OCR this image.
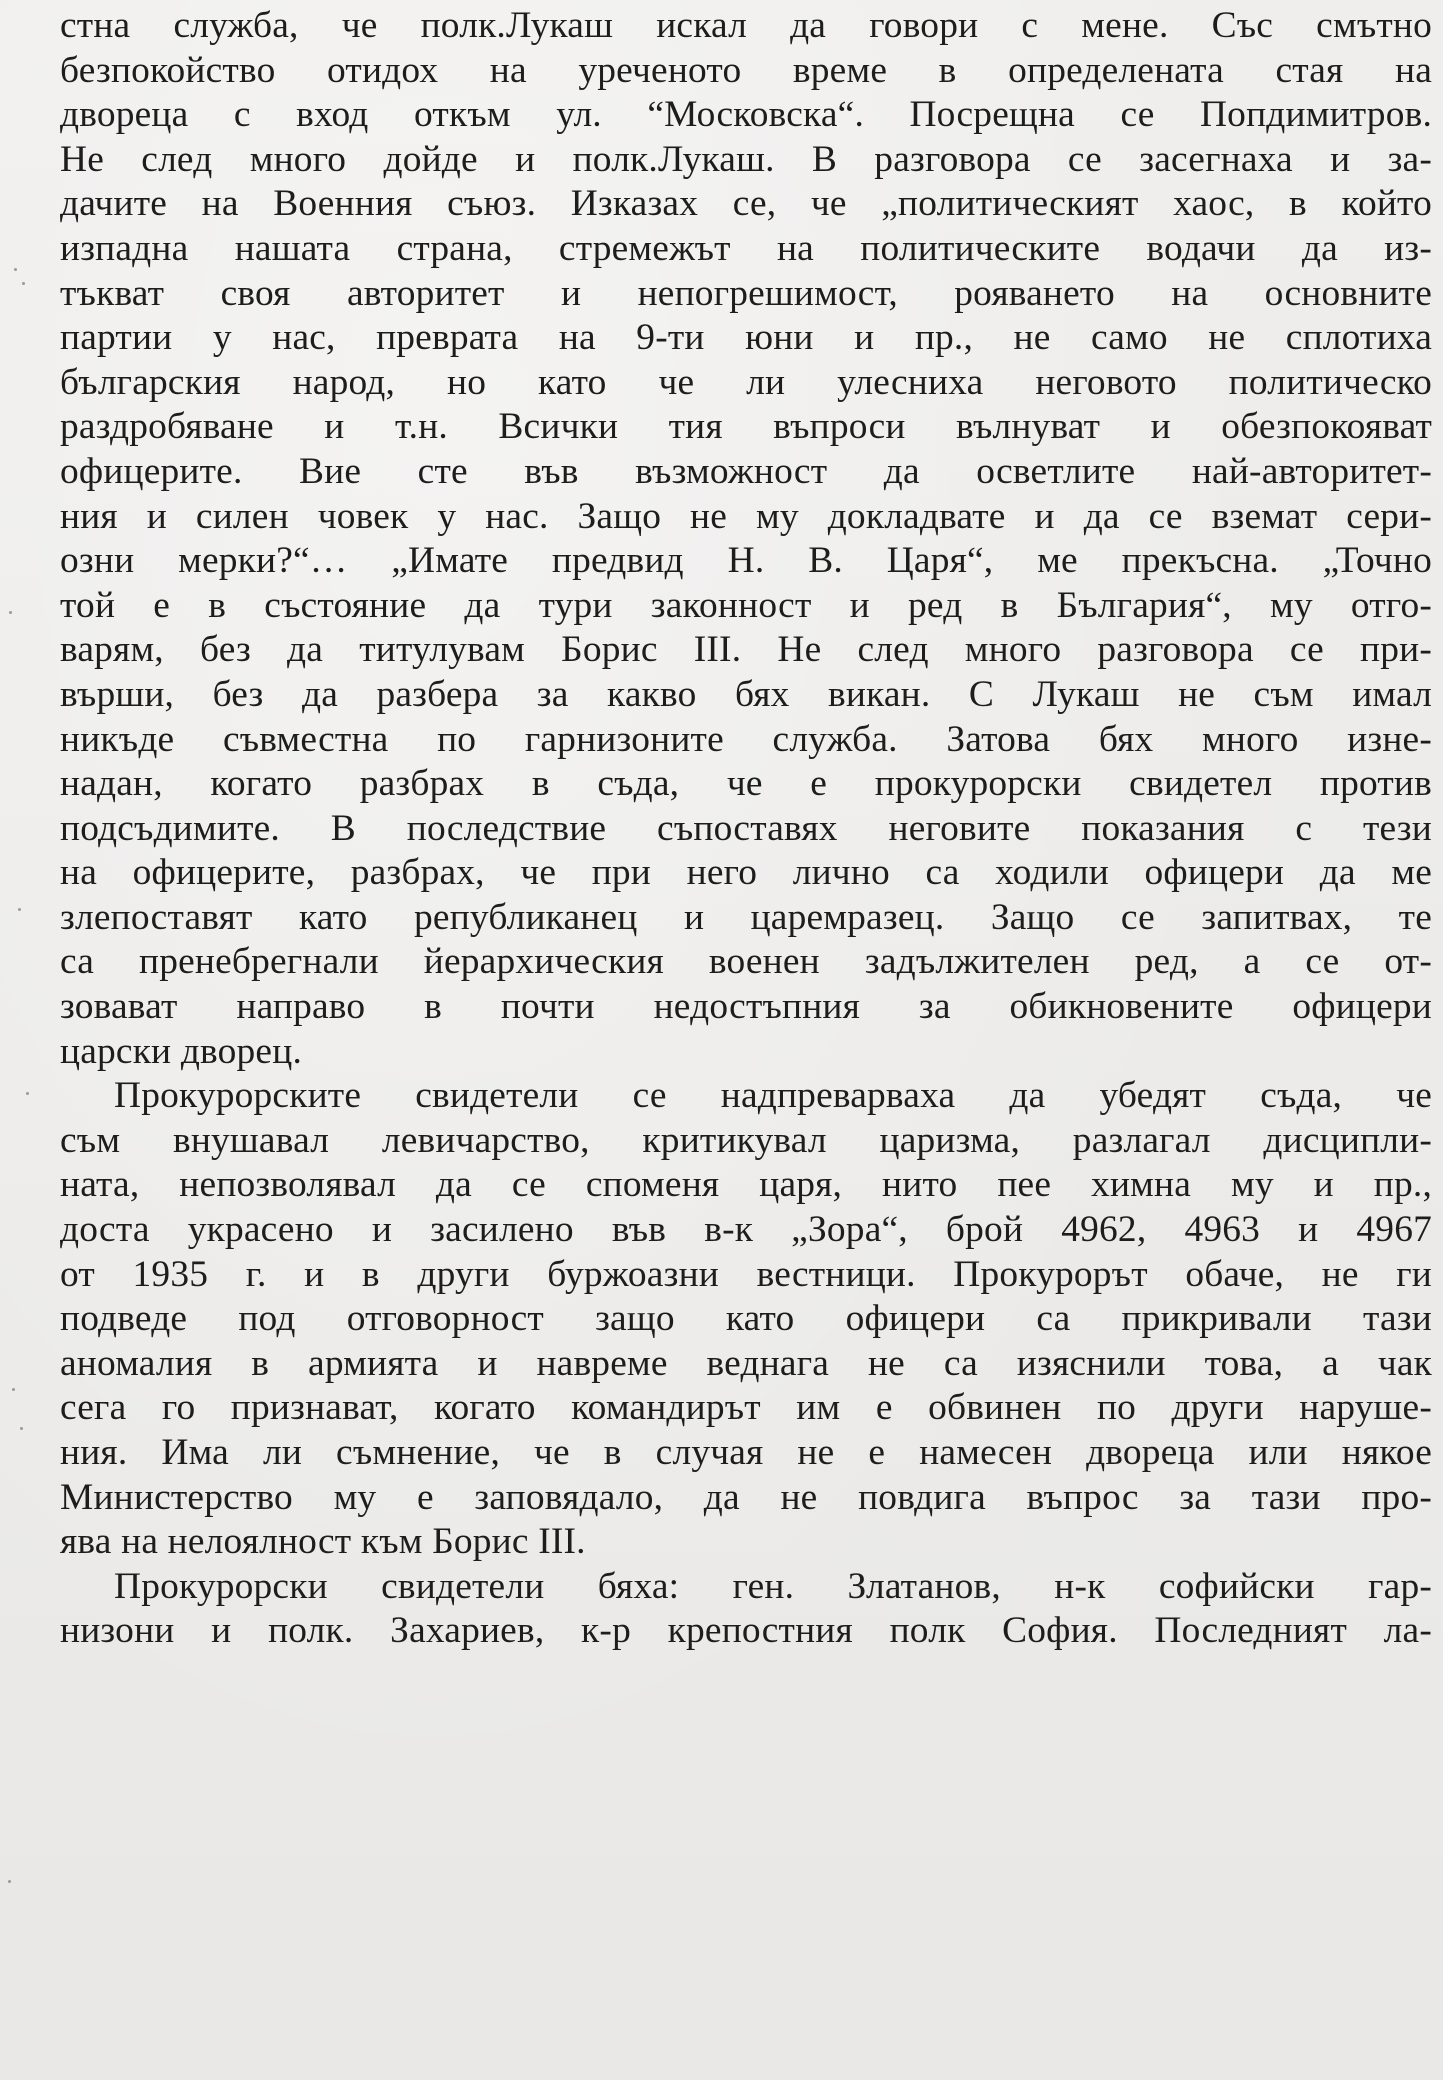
стна служба, че полк.Лукаш искал да говори с мене. Със смътно
безпокойство отидох на уреченото време в определената стая на
двореца с вход откъм ул. “Московска“. Посрещна се Попдимитров.
Не след много дойде и полк.Лукаш. В разговора се засегнаха и за-
дачите на Военния съюз. Изказах се, че „политическият хаос, в който
изпадна нашата страна, стремежът на политическите водачи да из-
тъкват своя авторитет и непогрешимост, рояването на основните
партии у нас, преврата на 9-ти юни и пр., не само не сплотиха
българския народ, но като че ли улесниха неговото политическо
раздробяване и т.н. Всички тия въпроси вълнуват и обезпокояват
офицерите. Вие сте във възможност да осветлите най-авторитет-
ния и силен човек у нас. Защо не му докладвате и да се вземат сери-
озни мерки?“… „Имате предвид Н. В. Царя“, ме прекъсна. „Точно
той е в състояние да тури законност и ред в България“, му отго-
варям, без да титулувам Борис III. Не след много разговора се при-
върши, без да разбера за какво бях викан. С Лукаш не съм имал
никъде съвместна по гарнизоните служба. Затова бях много изне-
надан, когато разбрах в съда, че е прокурорски свидетел против
подсъдимите. В последствие съпоставях неговите показания с тези
на офицерите, разбрах, че при него лично са ходили офицери да ме
злепоставят като републиканец и царемразец. Защо се запитвах, те
са пренебрегнали йерархическия военен задължителен ред, а се от-
зовават направо в почти недостъпния за обикновените офицери
царски дворец.
Прокурорските свидетели се надпреварваха да убедят съда, че
съм внушавал левичарство, критикувал царизма, разлагал дисципли-
ната, непозволявал да се споменя царя, нито пее химна му и пр.,
доста украсено и засилено във в-к „Зора“, брой 4962, 4963 и 4967
от 1935 г. и в други буржоазни вестници. Прокурорът обаче, не ги
подведе под отговорност защо като офицери са прикривали тази
аномалия в армията и навреме веднага не са изяснили това, а чак
сега го признават, когато командирът им е обвинен по други наруше-
ния. Има ли съмнение, че в случая не е намесен двореца или някое
Министерство му е заповядало, да не повдига въпрос за тази про-
ява на нелоялност към Борис III.
Прокурорски свидетели бяха: ген. Златанов, н-к софийски гар-
низони и полк. Захариев, к-р крепостния полк София. Последният ла-
